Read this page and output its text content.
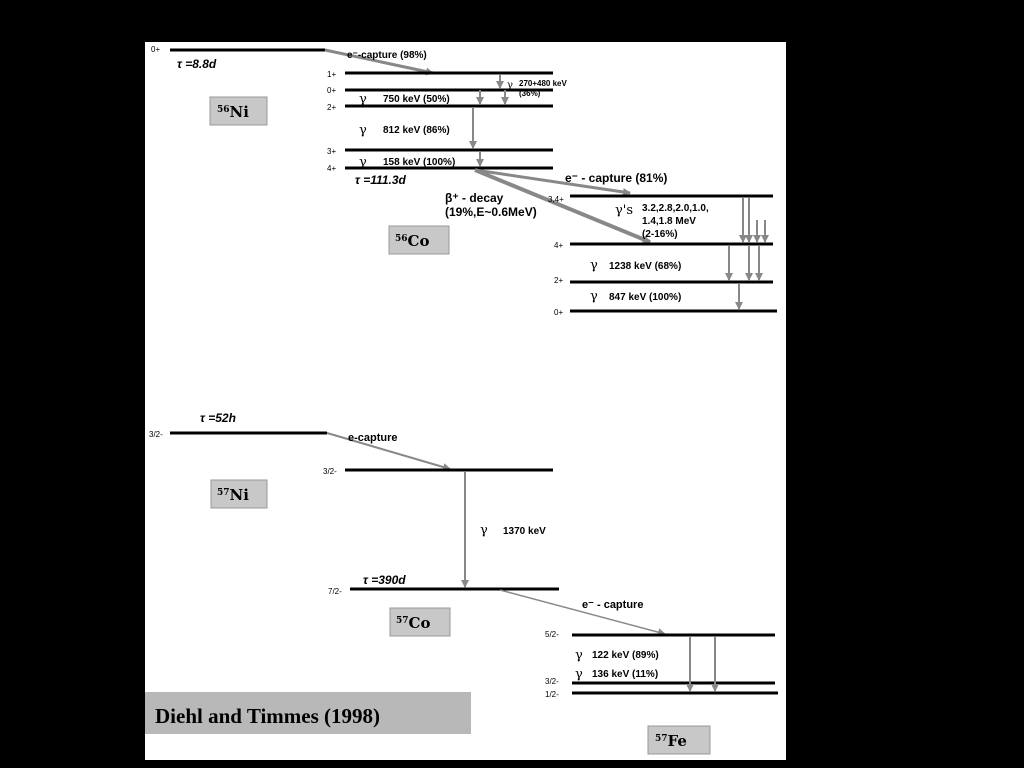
0+
τ =8.8d
e⁻-capture (98%)
$^{56}$Ni
1+
0+
2+
3+
4+
γ 750 keV (50%)
γ 812 keV (86%)
γ 158 keV (100%)
γ 270+480 keV
(36%)
τ =111.3d
$^{56}$Co
e⁻ - capture (81%)
β⁺ - decay
(19%,E~0.6MeV)
3,4+
4+
2+
0+
γ's 3.2,2.8,2.0,1.0,
1.4,1.8 MeV
(2-16%)
γ 1238 keV (68%)
γ 847 keV (100%)
3/2-
τ =52h
e-capture
$^{57}$Ni
3/2-
γ 1370 keV
7/2-
τ =390d
$^{57}$Co
e⁻ - capture
5/2-
3/2-
1/2-
γ 122 keV (89%)
γ 136 keV (11%)
$^{57}$Fe
Diehl and Timmes (1998)
